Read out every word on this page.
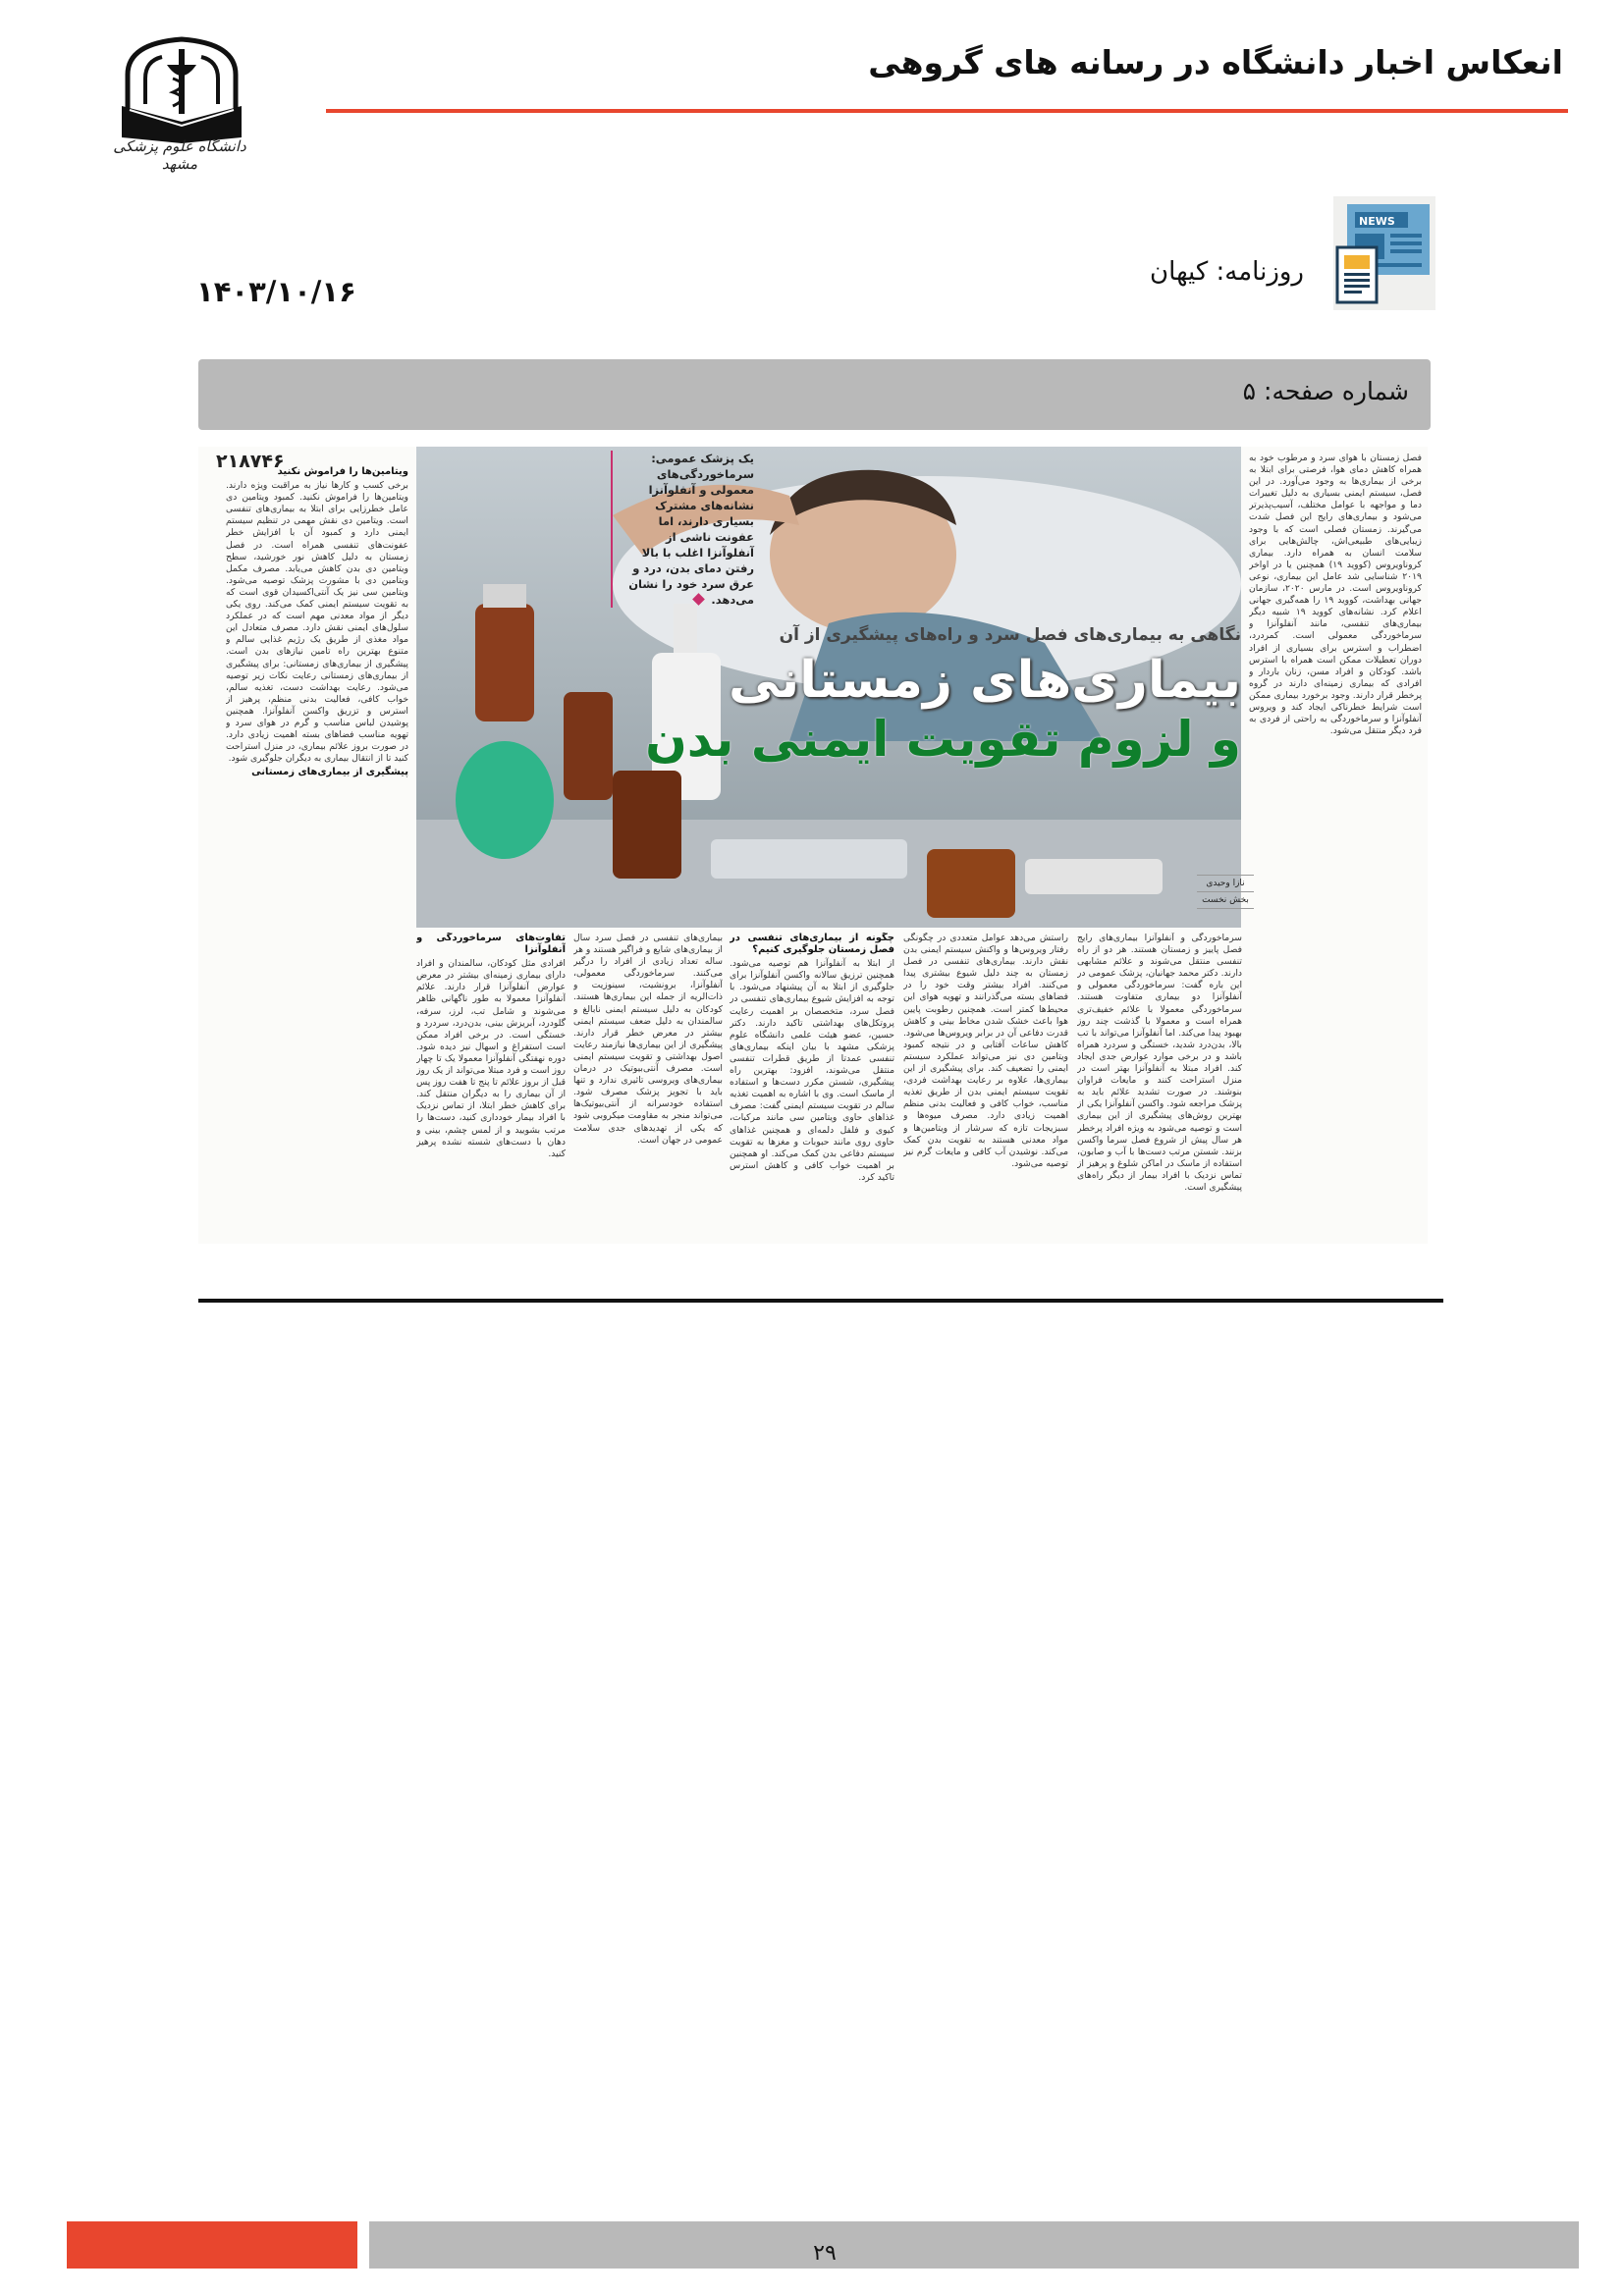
انعکاس اخبار دانشگاه در رسانه های گروهی
دانشگاه علوم پزشکی مشهد
NEWS
روزنامه: کیهان
۱۴۰۳/۱۰/۱۶
شماره صفحه: ۵

فصل زمستان با هوای سرد و مرطوب خود به همراه کاهش دمای هوا، فرصتی برای ابتلا به برخی از بیماری‌ها به وجود می‌آورد. در این فصل، سیستم ایمنی بسیاری به دلیل تغییرات دما و مواجهه با عوامل مختلف، آسیب‌پذیرتر می‌شود و بیماری‌های رایج این فصل شدت می‌گیرند. زمستان فصلی است که با وجود زیبایی‌های طبیعی‌اش، چالش‌هایی برای سلامت انسان به همراه دارد. بیماری کروناویروس (کووید ۱۹) همچنین یا در اواخر ۲۰۱۹ شناسایی شد عامل این بیماری، نوعی کروناویروس است. در مارس ۲۰۲۰، سازمان جهانی بهداشت، کووید ۱۹ را همه‌گیری جهانی اعلام کرد. نشانه‌های کووید ۱۹ شبیه دیگر بیماری‌های تنفسی، مانند آنفلوآنزا و سرماخوردگی معمولی است. کمردرد، اضطراب و استرس برای بسیاری از افراد دوران تعطیلات ممکن است همراه با استرس باشد. کودکان و افراد مسن، زنان باردار و افرادی که بیماری زمینه‌ای دارند در گروه پرخطر قرار دارند. وجود برخورد بیماری ممکن است شرایط خطرناکی ایجاد کند و ویروس آنفلوآنزا و سرماخوردگی به راحتی از فردی به فرد دیگر منتقل می‌شود.

نگاهی به بیماری‌های فصل سرد و راه‌های پیشگیری از آن
بیماری‌های زمستانی
و لزوم تقویت ایمنی بدن
یک پزشک عمومی: سرماخوردگی‌های معمولی و آنفلوآنزا نشانه‌های مشترک بسیاری دارند، اما عفونت ناشی از آنفلوآنزا اغلب با بالا رفتن دمای بدن، درد و عرق سرد خود را نشان می‌دهد.
نازا وحیدی
بخش نخست

سرماخوردگی و آنفلوآنزا بیماری‌های رایج فصل پاییز و زمستان هستند. هر دو از راه تنفسی منتقل می‌شوند و علائم مشابهی دارند. دکتر محمد جهانیان، پزشک عمومی در این باره گفت: سرماخوردگی معمولی و آنفلوآنزا دو بیماری متفاوت هستند. سرماخوردگی معمولا با علائم خفیف‌تری همراه است و معمولا با گذشت چند روز بهبود پیدا می‌کند. اما آنفلوآنزا می‌تواند با تب بالا، بدن‌درد شدید، خستگی و سردرد همراه باشد و در برخی موارد عوارض جدی ایجاد کند. افراد مبتلا به آنفلوآنزا بهتر است در منزل استراحت کنند و مایعات فراوان بنوشند. در صورت تشدید علائم باید به پزشک مراجعه شود. واکسن آنفلوآنزا یکی از بهترین روش‌های پیشگیری از این بیماری است و توصیه می‌شود به ویژه افراد پرخطر هر سال پیش از شروع فصل سرما واکسن بزنند. شستن مرتب دست‌ها با آب و صابون، استفاده از ماسک در اماکن شلوغ و پرهیز از تماس نزدیک با افراد بیمار از دیگر راه‌های پیشگیری است.

راستش می‌دهد عوامل متعددی در چگونگی رفتار ویروس‌ها و واکنش سیستم ایمنی بدن نقش دارند. بیماری‌های تنفسی در فصل زمستان به چند دلیل شیوع بیشتری پیدا می‌کنند. افراد بیشتر وقت خود را در فضاهای بسته می‌گذرانند و تهویه هوای این محیط‌ها کمتر است. همچنین رطوبت پایین هوا باعث خشک شدن مخاط بینی و کاهش قدرت دفاعی آن در برابر ویروس‌ها می‌شود. کاهش ساعات آفتابی و در نتیجه کمبود ویتامین دی نیز می‌تواند عملکرد سیستم ایمنی را تضعیف کند. برای پیشگیری از این بیماری‌ها، علاوه بر رعایت بهداشت فردی، تقویت سیستم ایمنی بدن از طریق تغذیه مناسب، خواب کافی و فعالیت بدنی منظم اهمیت زیادی دارد. مصرف میوه‌ها و سبزیجات تازه که سرشار از ویتامین‌ها و مواد معدنی هستند به تقویت بدن کمک می‌کند. نوشیدن آب کافی و مایعات گرم نیز توصیه می‌شود.

چگونه از بیماری‌های تنفسی در فصل زمستان جلوگیری کنیم؟

از ابتلا به آنفلوآنزا هم توصیه می‌شود. همچنین ترزیق سالانه واکسن آنفلوآنزا برای جلوگیری از ابتلا به آن پیشنهاد می‌شود. با توجه به افزایش شیوع بیماری‌های تنفسی در فصل سرد، متخصصان بر اهمیت رعایت پروتکل‌های بهداشتی تاکید دارند. دکتر حسین، عضو هیئت علمی دانشگاه علوم پزشکی مشهد با بیان اینکه بیماری‌های تنفسی عمدتا از طریق قطرات تنفسی منتقل می‌شوند، افزود: بهترین راه پیشگیری، شستن مکرر دست‌ها و استفاده از ماسک است. وی با اشاره به اهمیت تغذیه سالم در تقویت سیستم ایمنی گفت: مصرف غذاهای حاوی ویتامین سی مانند مرکبات، کیوی و فلفل دلمه‌ای و همچنین غذاهای حاوی روی مانند حبوبات و مغزها به تقویت سیستم دفاعی بدن کمک می‌کند. او همچنین بر اهمیت خواب کافی و کاهش استرس تاکید کرد.

بیماری‌های تنفسی در فصل سرد سال از بیماری‌های شایع و فراگیر هستند و هر ساله تعداد زیادی از افراد را درگیر می‌کنند. سرماخوردگی معمولی، آنفلوآنزا، برونشیت، سینوزیت و ذات‌الریه از جمله این بیماری‌ها هستند. کودکان به دلیل سیستم ایمنی نابالغ و سالمندان به دلیل ضعف سیستم ایمنی بیشتر در معرض خطر قرار دارند. پیشگیری از این بیماری‌ها نیازمند رعایت اصول بهداشتی و تقویت سیستم ایمنی است. مصرف آنتی‌بیوتیک در درمان بیماری‌های ویروسی تاثیری ندارد و تنها باید با تجویز پزشک مصرف شود. استفاده خودسرانه از آنتی‌بیوتیک‌ها می‌تواند منجر به مقاومت میکروبی شود که یکی از تهدیدهای جدی سلامت عمومی در جهان است.

تفاوت‌های سرماخوردگی و آنفلوآنزا

افرادی مثل کودکان، سالمندان و افراد دارای بیماری زمینه‌ای بیشتر در معرض عوارض آنفلوآنزا قرار دارند. علائم آنفلوآنزا معمولا به طور ناگهانی ظاهر می‌شوند و شامل تب، لرز، سرفه، گلودرد، آبریزش بینی، بدن‌درد، سردرد و خستگی است. در برخی افراد ممکن است استفراغ و اسهال نیز دیده شود. دوره نهفتگی آنفلوآنزا معمولا یک تا چهار روز است و فرد مبتلا می‌تواند از یک روز قبل از بروز علائم تا پنج تا هفت روز پس از آن بیماری را به دیگران منتقل کند. برای کاهش خطر ابتلا، از تماس نزدیک با افراد بیمار خودداری کنید، دست‌ها را مرتب بشویید و از لمس چشم، بینی و دهان با دست‌های شسته نشده پرهیز کنید.

ویتامین‌ها را فراموش نکنید

برخی کسب و کارها نیاز به مراقبت ویژه دارند. ویتامین‌ها را فراموش نکنید. کمبود ویتامین دی عامل خطرزایی برای ابتلا به بیماری‌های تنفسی است. ویتامین دی نقش مهمی در تنظیم سیستم ایمنی دارد و کمبود آن با افزایش خطر عفونت‌های تنفسی همراه است. در فصل زمستان به دلیل کاهش نور خورشید، سطح ویتامین دی بدن کاهش می‌یابد. مصرف مکمل ویتامین دی با مشورت پزشک توصیه می‌شود. ویتامین سی نیز یک آنتی‌اکسیدان قوی است که به تقویت سیستم ایمنی کمک می‌کند. روی یکی دیگر از مواد معدنی مهم است که در عملکرد سلول‌های ایمنی نقش دارد. مصرف متعادل این مواد مغذی از طریق یک رژیم غذایی سالم و متنوع بهترین راه تامین نیازهای بدن است. پیشگیری از بیماری‌های زمستانی: برای پیشگیری از بیماری‌های زمستانی رعایت نکات زیر توصیه می‌شود. رعایت بهداشت دست، تغذیه سالم، خواب کافی، فعالیت بدنی منظم، پرهیز از استرس و تزریق واکسن آنفلوآنزا. همچنین پوشیدن لباس مناسب و گرم در هوای سرد و تهویه مناسب فضاهای بسته اهمیت زیادی دارد. در صورت بروز علائم بیماری، در منزل استراحت کنید تا از انتقال بیماری به دیگران جلوگیری شود.

پیشگیری از بیماری‌های زمستانی

۲۱۸۷۴۶
۲۹
